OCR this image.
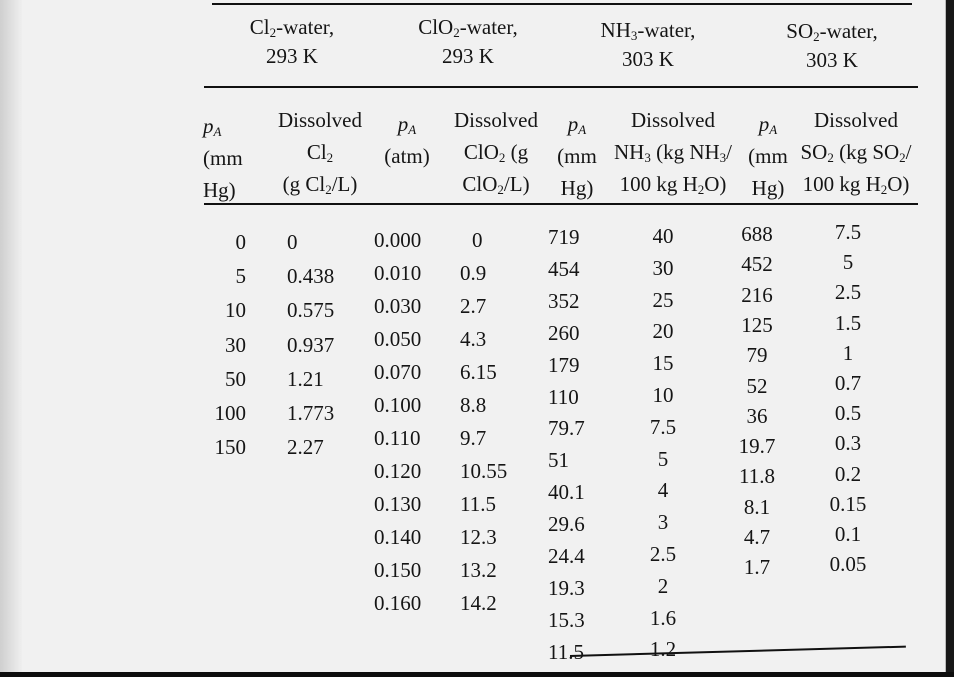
$Cl_2$-water,
293 K
ClO$_2$-water,
293 K
$NH_3$-water,
303 K
$SO_2$-water,
303 K
$p_A$
(mm
Hg)
Dissolved
$Cl_2$
(g $Cl_2/L$)
$p_A$
(atm)
Dissolved
ClO$_2$ (g
ClO$_2$/L)
$p_A$
(mm
Hg)
Dissolved
$NH_3$ (kg $NH_3/$
100 kg $H_2O$)
$p_A$
(mm
Hg)
Dissolved
$SO_2$ (kg $SO_2/$
100 kg $H_2O$)
0
5
10
30
50
100
150
0
0.438
0.575
0.937
1.21
1.773
2.27
0.000
0.010
0.030
0.050
0.070
0.100
0.110
0.120
0.130
0.140
0.150
0.160
0
0.9
2.7
4.3
6.15
8.8
9.7
10.55
11.5
12.3
13.2
14.2
719
454
352
260
179
110
79.7
51
40.1
29.6
24.4
19.3
15.3
11.5
40
30
25
20
15
10
7.5
5
4
3
2.5
2
1.6
1.2
688
452
216
125
79
52
36
19.7
11.8
8.1
4.7
1.7
7.5
5
2.5
1.5
1
0.7
0.5
0.3
0.2
0.15
0.1
0.05
